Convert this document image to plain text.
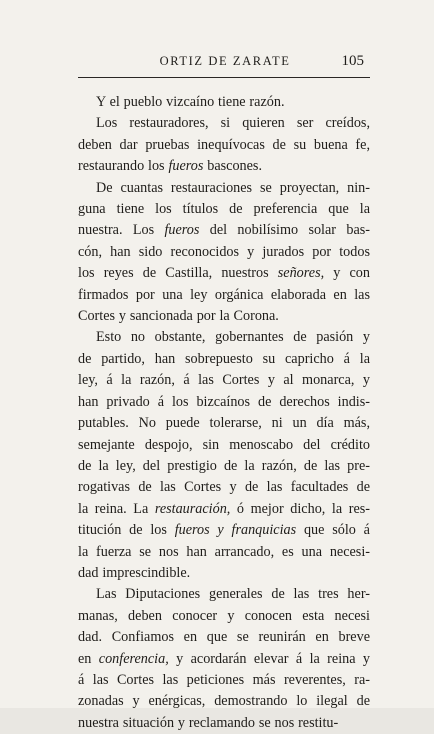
ORTIZ DE ZARATE	105
Y el pueblo vizcaíno tiene razón.
Los restauradores, si quieren ser creídos,
deben dar pruebas inequívocas de su buena fe,
restaurando los fueros bascones.
De cuantas restauraciones se proyectan, nin-
guna tiene los títulos de preferencia que la
nuestra. Los fueros del nobilísimo solar bas-
cón, han sido reconocidos y jurados por todos
los reyes de Castilla, nuestros señores, y con
firmados por una ley orgánica elaborada en las
Cortes y sancionada por la Corona.
Esto no obstante, gobernantes de pasión y
de partido, han sobrepuesto su capricho á la
ley, á la razón, á las Cortes y al monarca, y
han privado á los bizcaínos de derechos indis-
putables. No puede tolerarse, ni un día más,
semejante despojo, sin menoscabo del crédito
de la ley, del prestigio de la razón, de las pre-
rogativas de las Cortes y de las facultades de
la reina. La restauración, ó mejor dicho, la res-
titución de los fueros y franquicias que sólo á
la fuerza se nos han arrancado, es una necesi-
dad imprescindible.
Las Diputaciones generales de las tres her-
manas, deben conocer y conocen esta necesi
dad. Confiamos en que se reunirán en breve
en conferencia, y acordarán elevar á la reina y
á las Cortes las peticiones más reverentes, ra-
zonadas y enérgicas, demostrando lo ilegal de
nuestra situación y reclamando se nos restitu-
